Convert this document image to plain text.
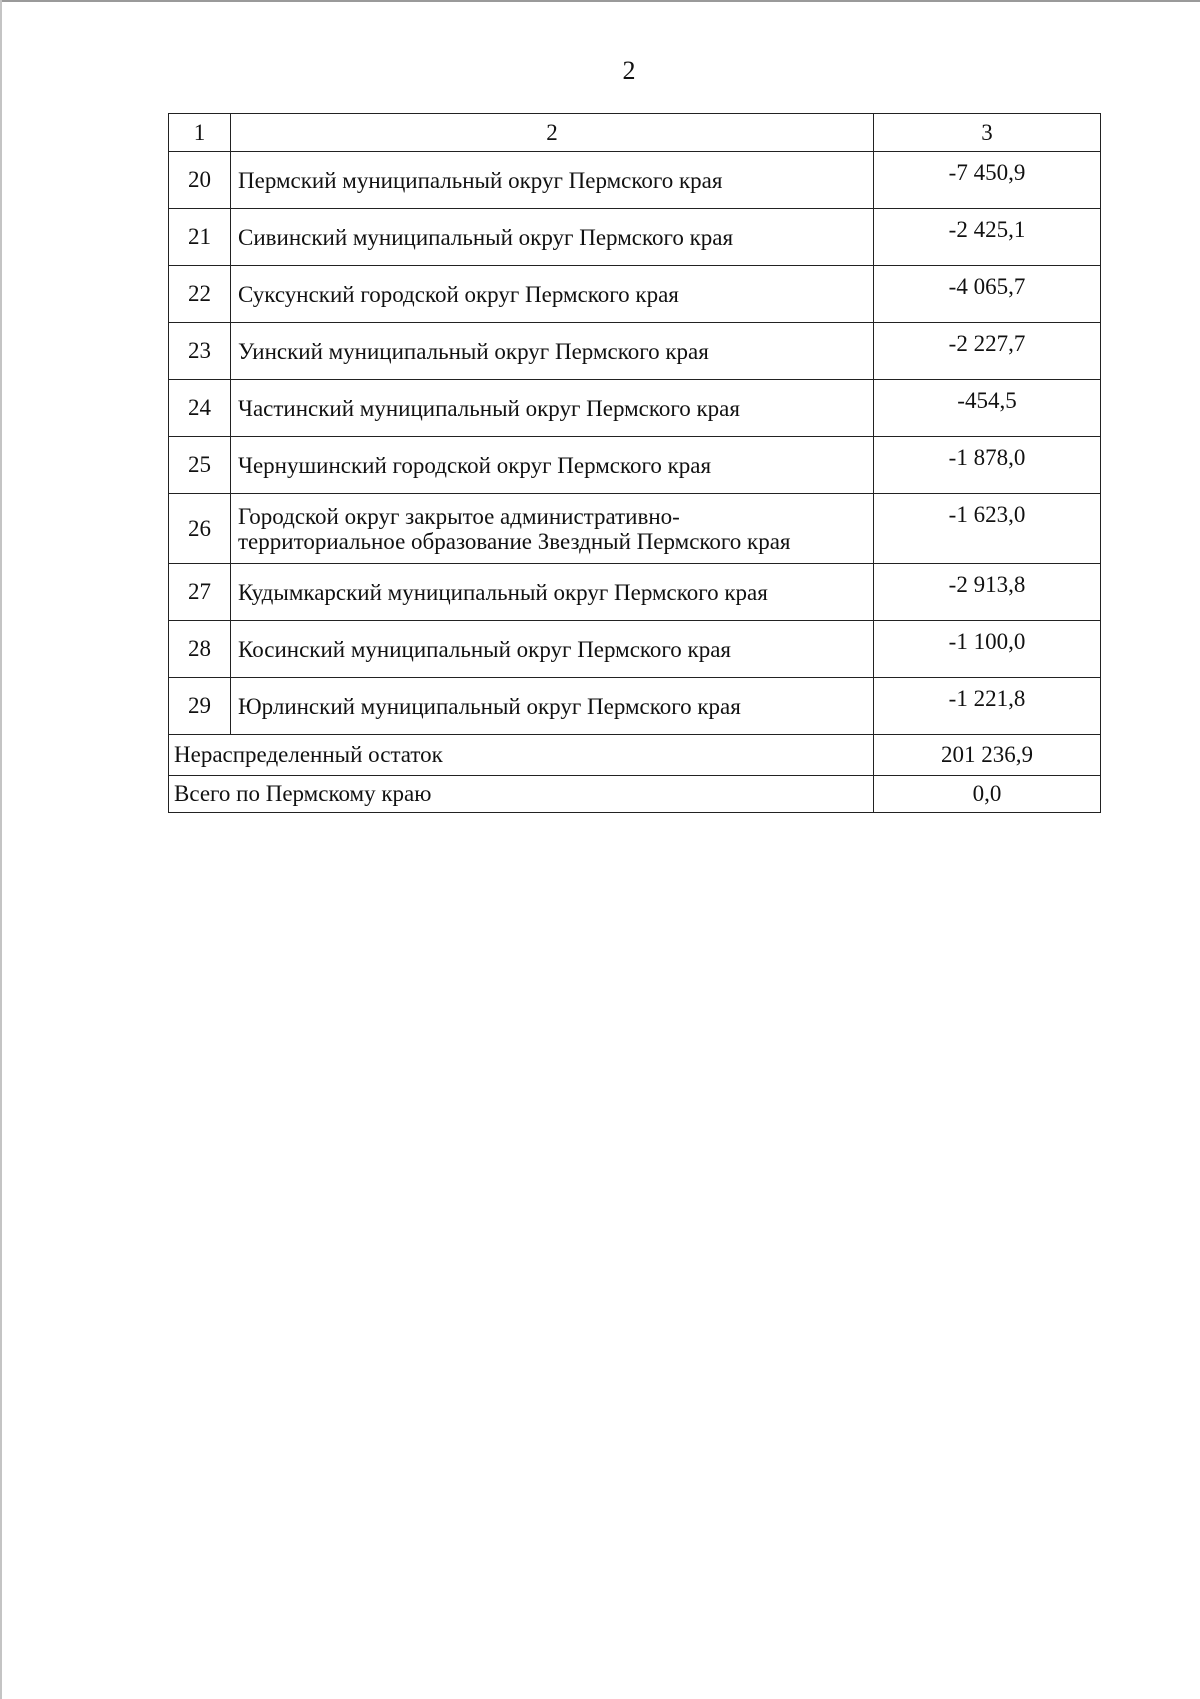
2
1	2	3
20	Пермский муниципальный округ Пермского края	-7 450,9
21	Сивинский муниципальный округ Пермского края	-2 425,1
22	Суксунский городской округ Пермского края	-4 065,7
23	Уинский муниципальный округ Пермского края	-2 227,7
24	Частинский муниципальный округ Пермского края	-454,5
25	Чернушинский городской округ Пермского края	-1 878,0
26	Городской округ закрытое административно-
территориальное образование Звездный Пермского края	-1 623,0
27	Кудымкарский муниципальный округ Пермского края	-2 913,8
28	Косинский муниципальный округ Пермского края	-1 100,0
29	Юрлинский муниципальный округ Пермского края	-1 221,8
Нераспределенный остаток		201 236,9
Всего по Пермскому краю		0,0
